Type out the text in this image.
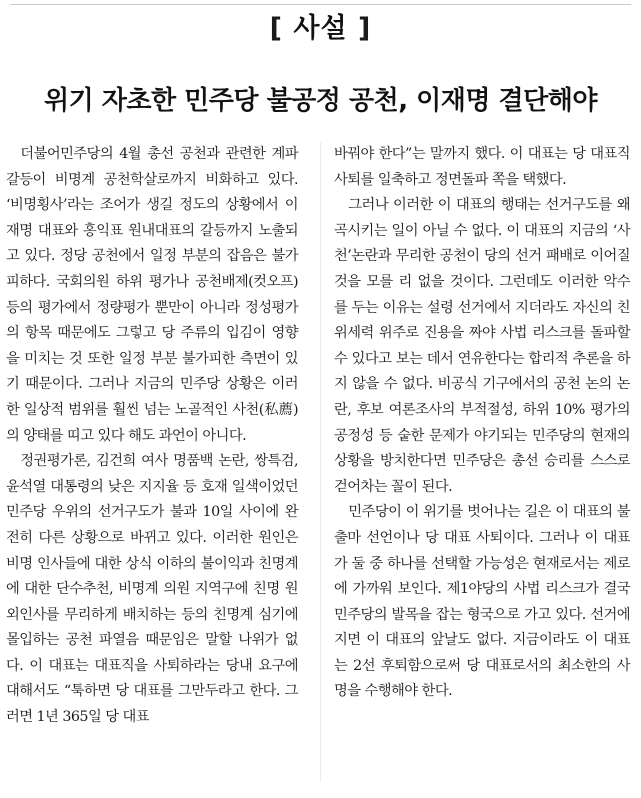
[ 사설 ]
위기 자초한 민주당 불공정 공천, 이재명 결단해야

더불어민주당의 4월 총선 공천과 관련한 계파 갈등이 비명계 공천학살로까지 비화하고 있다. ‘비명횡사’라는 조어가 생길 정도의 상황에서 이재명 대표와 홍익표 원내대표의 갈등까지 노출되고 있다. 정당 공천에서 일정 부분의 잡음은 불가피하다. 국회의원 하위 평가나 공천배제(컷오프) 등의 평가에서 정량평가 뿐만이 아니라 정성평가의 항목 때문에도 그렇고 당 주류의 입김이 영향을 미치는 것 또한 일정 부분 불가피한 측면이 있기 때문이다. 그러나 지금의 민주당 상황은 이러한 일상적 범위를 훨씬 넘는 노골적인 사천(私薦)의 양태를 띠고 있다 해도 과언이 아니다.

정권평가론, 김건희 여사 명품백 논란, 쌍특검, 윤석열 대통령의 낮은 지지율 등 호재 일색이었던 민주당 우위의 선거구도가 불과 10일 사이에 완전히 다른 상황으로 바뀌고 있다. 이러한 원인은 비명 인사들에 대한 상식 이하의 불이익과 친명계에 대한 단수추천, 비명계 의원 지역구에 친명 원외인사를 무리하게 배치하는 등의 친명계 심기에 몰입하는 공천 파열음 때문임은 말할 나위가 없다. 이 대표는 대표직을 사퇴하라는 당내 요구에 대해서도 “툭하면 당 대표를 그만두라고 한다. 그러면 1년 365일 당 대표

바꿔야 한다”는 말까지 했다. 이 대표는 당 대표직 사퇴를 일축하고 정면돌파 쪽을 택했다.

그러나 이러한 이 대표의 행태는 선거구도를 왜곡시키는 일이 아닐 수 없다. 이 대표의 지금의 ‘사천’논란과 무리한 공천이 당의 선거 패배로 이어질 것을 모를 리 없을 것이다. 그런데도 이러한 악수를 두는 이유는 설령 선거에서 지더라도 자신의 친위세력 위주로 진용을 짜야 사법 리스크를 돌파할 수 있다고 보는 데서 연유한다는 합리적 추론을 하지 않을 수 없다. 비공식 기구에서의 공천 논의 논란, 후보 여론조사의 부적절성, 하위 10% 평가의 공정성 등 숱한 문제가 야기되는 민주당의 현재의 상황을 방치한다면 민주당은 총선 승리를 스스로 걷어차는 꼴이 된다.

민주당이 이 위기를 벗어나는 길은 이 대표의 불출마 선언이나 당 대표 사퇴이다. 그러나 이 대표가 둘 중 하나를 선택할 가능성은 현재로서는 제로에 가까워 보인다. 제1야당의 사법 리스크가 결국 민주당의 발목을 잡는 형국으로 가고 있다. 선거에 지면 이 대표의 앞날도 없다. 지금이라도 이 대표는 2선 후퇴함으로써 당 대표로서의 최소한의 사명을 수행해야 한다.
